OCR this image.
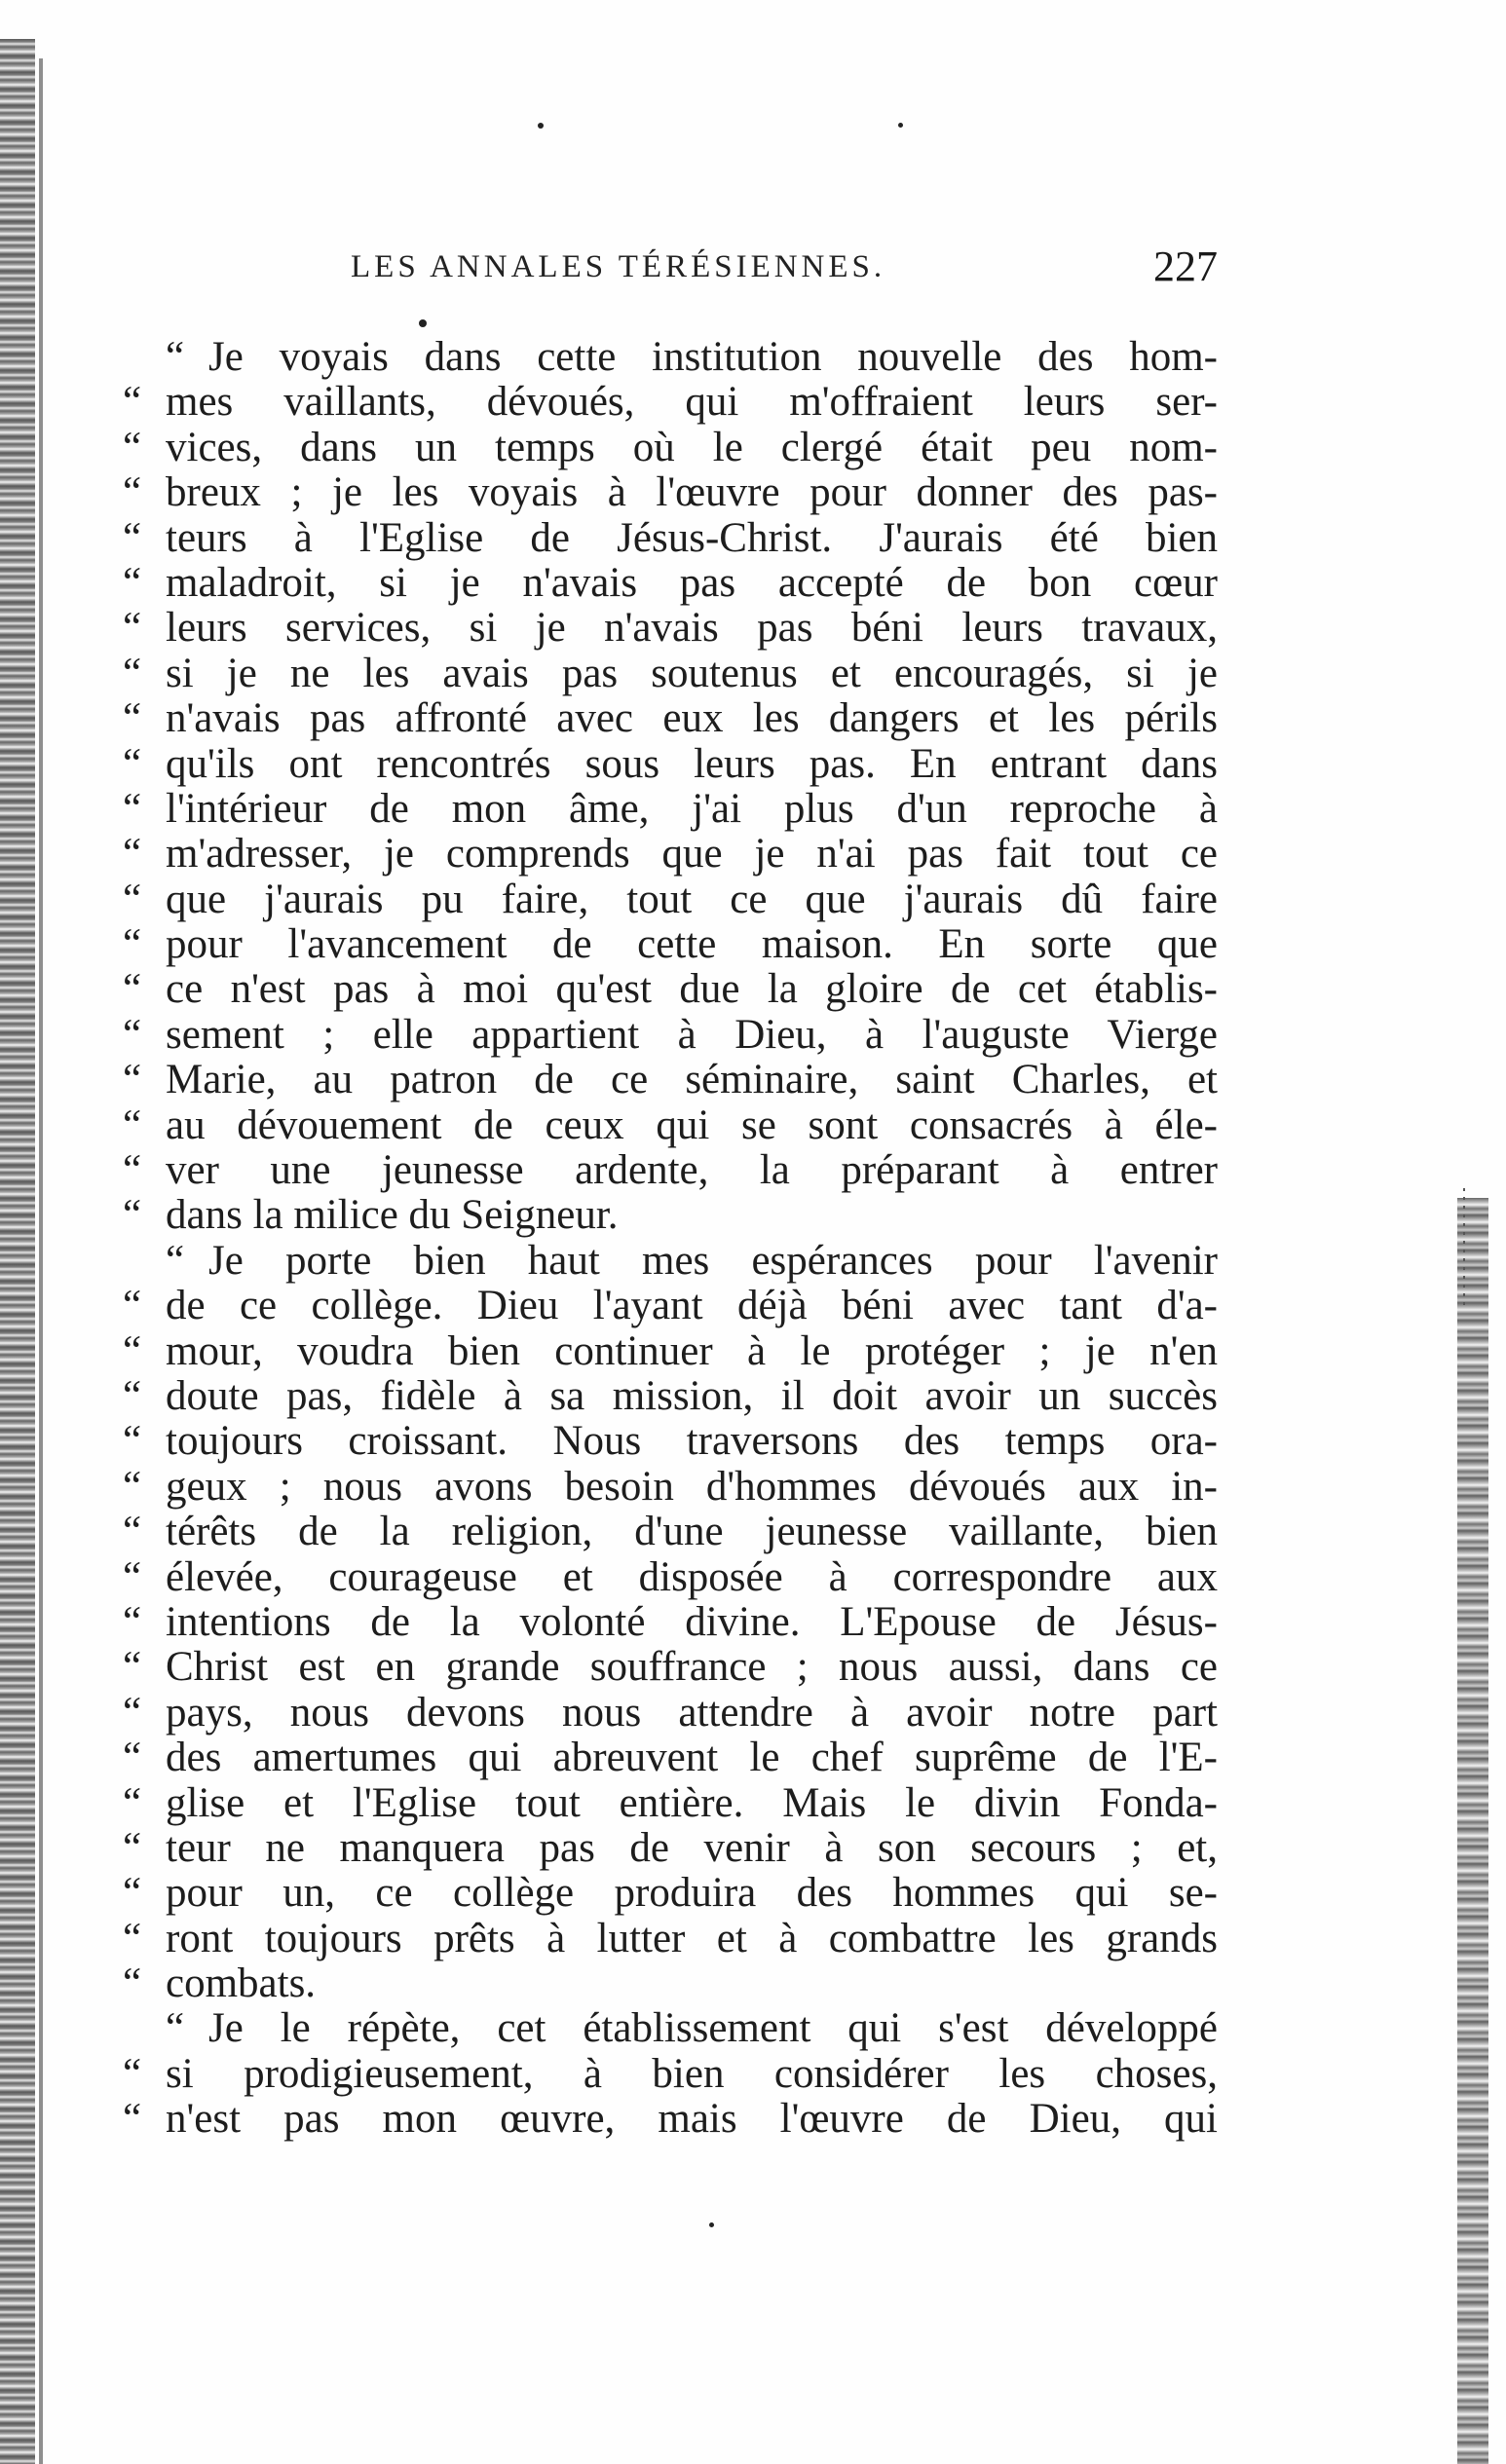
LES ANNALES TÉRÉSIENNES.	227
“ Je voyais dans cette institution nouvelle des hom-
“ mes vaillants, dévoués, qui m'offraient leurs ser-
“ vices, dans un temps où le clergé était peu nom-
“ breux ; je les voyais à l'œuvre pour donner des pas-
“ teurs à l'Eglise de Jésus-Christ. J'aurais été bien
“ maladroit, si je n'avais pas accepté de bon cœur
“ leurs services, si je n'avais pas béni leurs travaux,
“ si je ne les avais pas soutenus et encouragés, si je
“ n'avais pas affronté avec eux les dangers et les périls
“ qu'ils ont rencontrés sous leurs pas. En entrant dans
“ l'intérieur de mon âme, j'ai plus d'un reproche à
“ m'adresser, je comprends que je n'ai pas fait tout ce
“ que j'aurais pu faire, tout ce que j'aurais dû faire
“ pour l'avancement de cette maison. En sorte que
“ ce n'est pas à moi qu'est due la gloire de cet établis-
“ sement ; elle appartient à Dieu, à l'auguste Vierge
“ Marie, au patron de ce séminaire, saint Charles, et
“ au dévouement de ceux qui se sont consacrés à éle-
“ ver une jeunesse ardente, la préparant à entrer
“ dans la milice du Seigneur.
“ Je porte bien haut mes espérances pour l'avenir
“ de ce collège. Dieu l'ayant déjà béni avec tant d'a-
“ mour, voudra bien continuer à le protéger ; je n'en
“ doute pas, fidèle à sa mission, il doit avoir un succès
“ toujours croissant. Nous traversons des temps ora-
“ geux ; nous avons besoin d'hommes dévoués aux in-
“ térêts de la religion, d'une jeunesse vaillante, bien
“ élevée, courageuse et disposée à correspondre aux
“ intentions de la volonté divine. L'Epouse de Jésus-
“ Christ est en grande souffrance ; nous aussi, dans ce
“ pays, nous devons nous attendre à avoir notre part
“ des amertumes qui abreuvent le chef suprême de l'E-
“ glise et l'Eglise tout entière. Mais le divin Fonda-
“ teur ne manquera pas de venir à son secours ; et,
“ pour un, ce collège produira des hommes qui se-
“ ront toujours prêts à lutter et à combattre les grands
“ combats.
“ Je le répète, cet établissement qui s'est développé
“ si prodigieusement, à bien considérer les choses,
“ n'est pas mon œuvre, mais l'œuvre de Dieu, qui
